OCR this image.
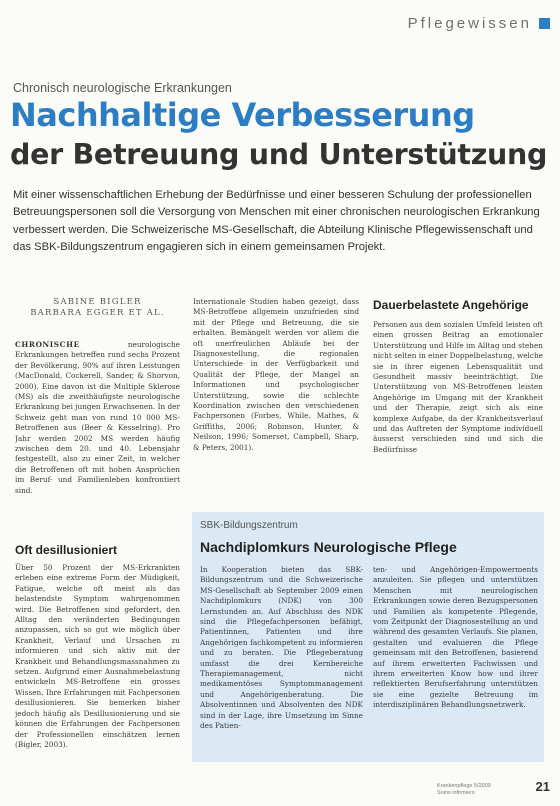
Pflegewissen
Chronisch neurologische Erkrankungen
Nachhaltige Verbesserung
der Betreuung und Unterstützung

Mit einer wissenschaftlichen Erhebung der Bedürfnisse und einer besseren Schulung der professionellen Betreuungspersonen soll die Versorgung von Menschen mit einer chronischen neurologischen Erkrankung verbessert werden. Die Schweizerische MS-Gesellschaft, die Abteilung Klinische Pflegewissenschaft und das SBK-Bildungszentrum engagieren sich in einem gemeinsamen Projekt.

SABINE BIGLER
BARBARA EGGER ET AL.
CHRONISCHE	neurologische Erkrankungen betreffen rund sechs Prozent der Bevölkerung, 90% auf ihren Leistungen (MacDonald, Cockerell, Sander, & Shorvon, 2000). Eine davon ist die Multiple Sklerose (MS) als die zweithäufigste neurologische Erkrankung bei jungen Erwachsenen. In der Schweiz geht man von rund 10 000 MS-Betroffenen aus (Beer & Kesselring). Pro Jahr werden 2002 MS werden häufig zwischen dem 20. und 40. Lebensjahr festgestellt, also zu einer Zeit, in welcher die Betroffenen oft mit hohen Ansprüchen im Beruf- und Familienleben konfrontiert sind.
Oft desillusioniert
Über 50 Prozent der MS-Erkrankten erleben eine extreme Form der Müdigkeit, Fatigue, welche oft meist als das belastendste Symptom wahrgenommen wird. Die Betroffenen sind gefordert, den Alltag den veränderten Bedingungen anzupassen, sich so gut wie möglich über Krankheit, Verlauf und Ursachen zu informieren und sich aktiv mit der Krankheit und Behandlungsmassnahmen zu setzen. Aufgrund einer Ausnahmebelastung entwickeln MS-Betroffene ein grosses Wissen. Ihre Erfahrungen mit Fachpersonen desillusionieren. Sie bemerken bisher jedoch häufig als Desillusionierung und sie können die Erfahrungen der Fachpersonen der Professionellen einschätzen lernen (Bigler, 2003).
Internationale Studien haben gezeigt, dass MS-Betroffene allgemein unzufrieden sind mit der Pflege und Betreuung, die sie erhalten. Bemängelt werden vor allem die oft unerfreulichen Abläufe bei der Diagnosestellung, die regionalen Unterschiede in der Verfügbarkeit und Qualität der Pflege, der Mangel an Informationen und psychologischer Unterstützung, sowie die schlechte Koordination zwischen den verschiedenen Fachpersonen (Forbes, While, Mathes, & Griffiths, 2006; Robinson, Hunter, & Neilson, 1996; Somerset, Campbell, Sharp, & Peters, 2001).
Dauerbelastete Angehörige
Personen aus dem sozialen Umfeld leisten oft einen grossen Beitrag an emotionaler Unterstützung und Hilfe im Alltag und stehen nicht selten in einer Doppelbelastung, welche sie in ihrer eigenen Lebensqualität und Gesundheit massiv beeinträchtigt. Die Unterstützung von MS-Betroffenen leisten Angehörige im Umgang mit der Krankheit und der Therapie, zeigt sich als eine komplexe Aufgabe, da der Krankheitsverlauf und das Auftreten der Symptome individuell äusserst verschieden sind und sich die Bedürfnisse
SBK-Bildungszentrum
Nachdiplomkurs Neurologische Pflege
In Kooperation bieten das SBK-Bildungszentrum und die Schweizerische MS-Gesellschaft ab September 2009 einen Nachdiplomkurs (NDK) von 300 Lernstunden an. Auf Abschluss des NDK sind die Pflegefachpersonen befähigt, Patientinnen, Patienten und ihre Angehörigen fachkompetent zu informieren und zu beraten. Die Pflegeberatung umfasst die drei Kernbereiche Therapiemanagement, nicht medikamentöses Symptommanagement und Angehörigenberatung. Die Absolventinnen und Absolventen des NDK sind in der Lage, ihre Umsetzung im Sinne des Patien-
ten- und Angehörigen-Empowerments anzuleiten. Sie pflegen und unterstützen Menschen mit neurologischen Erkrankungen sowie deren Bezugspersonen und Familien als kompetente Pflegende, vom Zeitpunkt der Diagnosestellung an und während des gesamten Verlaufs. Sie planen, gestalten und evaluieren die Pflege gemeinsam mit den Betroffenen, basierend auf ihrem erweiterten Fachwissen und ihrem erweiterten Know how und ihrer reflektierten Berufserfahrung unterstützen sie eine gezielte Betreuung im interdisziplinären Behandlungsnetzwerk.
Krankenpflege 5/2009
Soins infirmiers	21
